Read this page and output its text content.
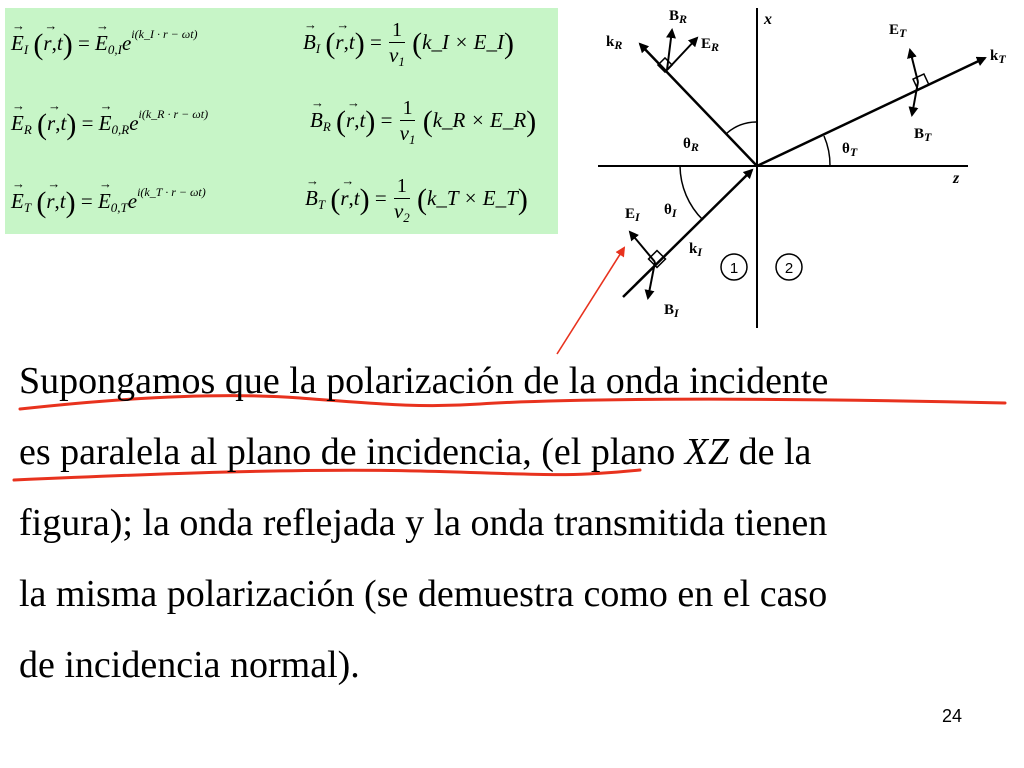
→ $E_I$ (→ r,t) = → $E_{0,I}e^{i(k\_I \cdot r - \omega t)}$	→ $B_I$ (→ $r,t) = \frac{1}{v_1}$ (k_I × E_I)
→ $E_R$ (→ r,t) = → $E_{0,R}e^{i(k\_R \cdot r - \omega t)}$	→ $B_R$ (→ $r,t) = \frac{1}{v_1}$ (k_R × E_R)
→ $E_T$ (→ r,t) = → $E_{0,T}e^{i(k\_T \cdot r - \omega t)}$	→ $B_T$ (→ $r,t) = \frac{1}{v_2}$ (k_T × E_T)
1	2
x
z
$B_R$
$k_R$	$E_R$
$E_T$
$k_T$
$B_T$
$\theta_R$	$\theta_T$
$\theta_I$
$E_I$
$k_I$
$B_I$

Supongamos que la polarización de la onda incidente
es paralela al plano de incidencia, (el plano XZ de la
figura); la onda reflejada y la onda transmitida tienen
la misma polarización (se demuestra como en el caso
de incidencia normal).

24
